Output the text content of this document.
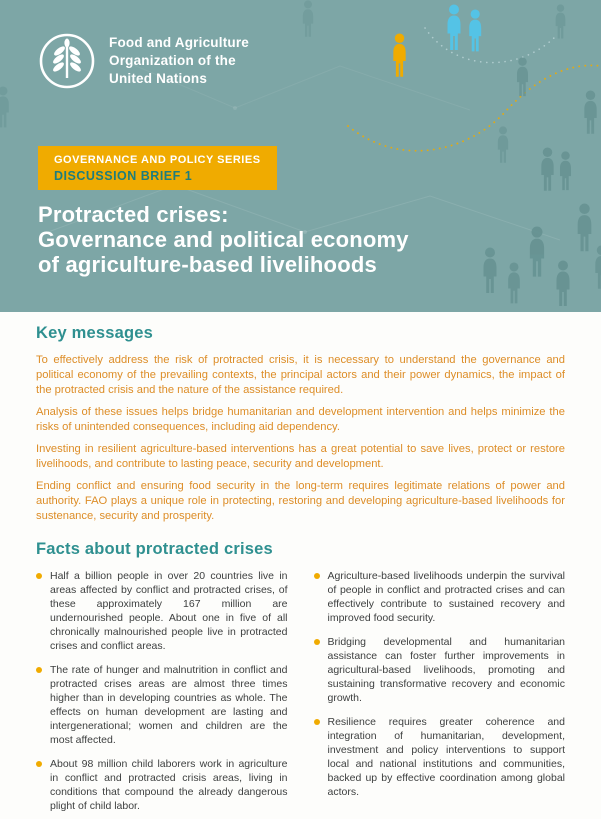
Food and Agriculture
Organization of the
United Nations
GOVERNANCE AND POLICY SERIES
DISCUSSION BRIEF 1
Protracted crises:
Governance and political economy
of agriculture-based livelihoods
Key messages

To effectively address the risk of protracted crisis, it is necessary to understand the governance and political economy of the prevailing contexts, the principal actors and their power dynamics, the impact of the protracted crisis and the nature of the assistance required.

Analysis of these issues helps bridge humanitarian and development intervention and helps minimize the risks of unintended consequences, including aid dependency.

Investing in resilient agriculture-based interventions has a great potential to save lives, protect or restore livelihoods, and contribute to lasting peace, security and development.

Ending conflict and ensuring food security in the long-term requires legitimate relations of power and authority. FAO plays a unique role in protecting, restoring and developing agriculture-based livelihoods for sustenance, security and prosperity.

Facts about protracted crises
Half a billion people in over 20 countries live in areas affected by conflict and protracted crises, of these approximately 167 million are undernourished people. About one in five of all chronically malnourished people live in protracted crises and conflict areas.
The rate of hunger and malnutrition in conflict and protracted crises areas are almost three times higher than in developing countries as whole. The effects on human development are lasting and intergenerational; women and children are the most affected.
About 98 million child laborers work in agriculture in conflict and protracted crisis areas, living in conditions that compound the already dangerous plight of child labor.
Agriculture-based livelihoods underpin the survival of people in conflict and protracted crises and can effectively contribute to sustained recovery and improved food security.
Bridging developmental and humanitarian assistance can foster further improvements in agricultural-based livelihoods, promoting and sustaining transformative recovery and economic growth.
Resilience requires greater coherence and integration of humanitarian, development, investment and policy interventions to support local and national institutions and communities, backed up by effective coordination among global actors.
